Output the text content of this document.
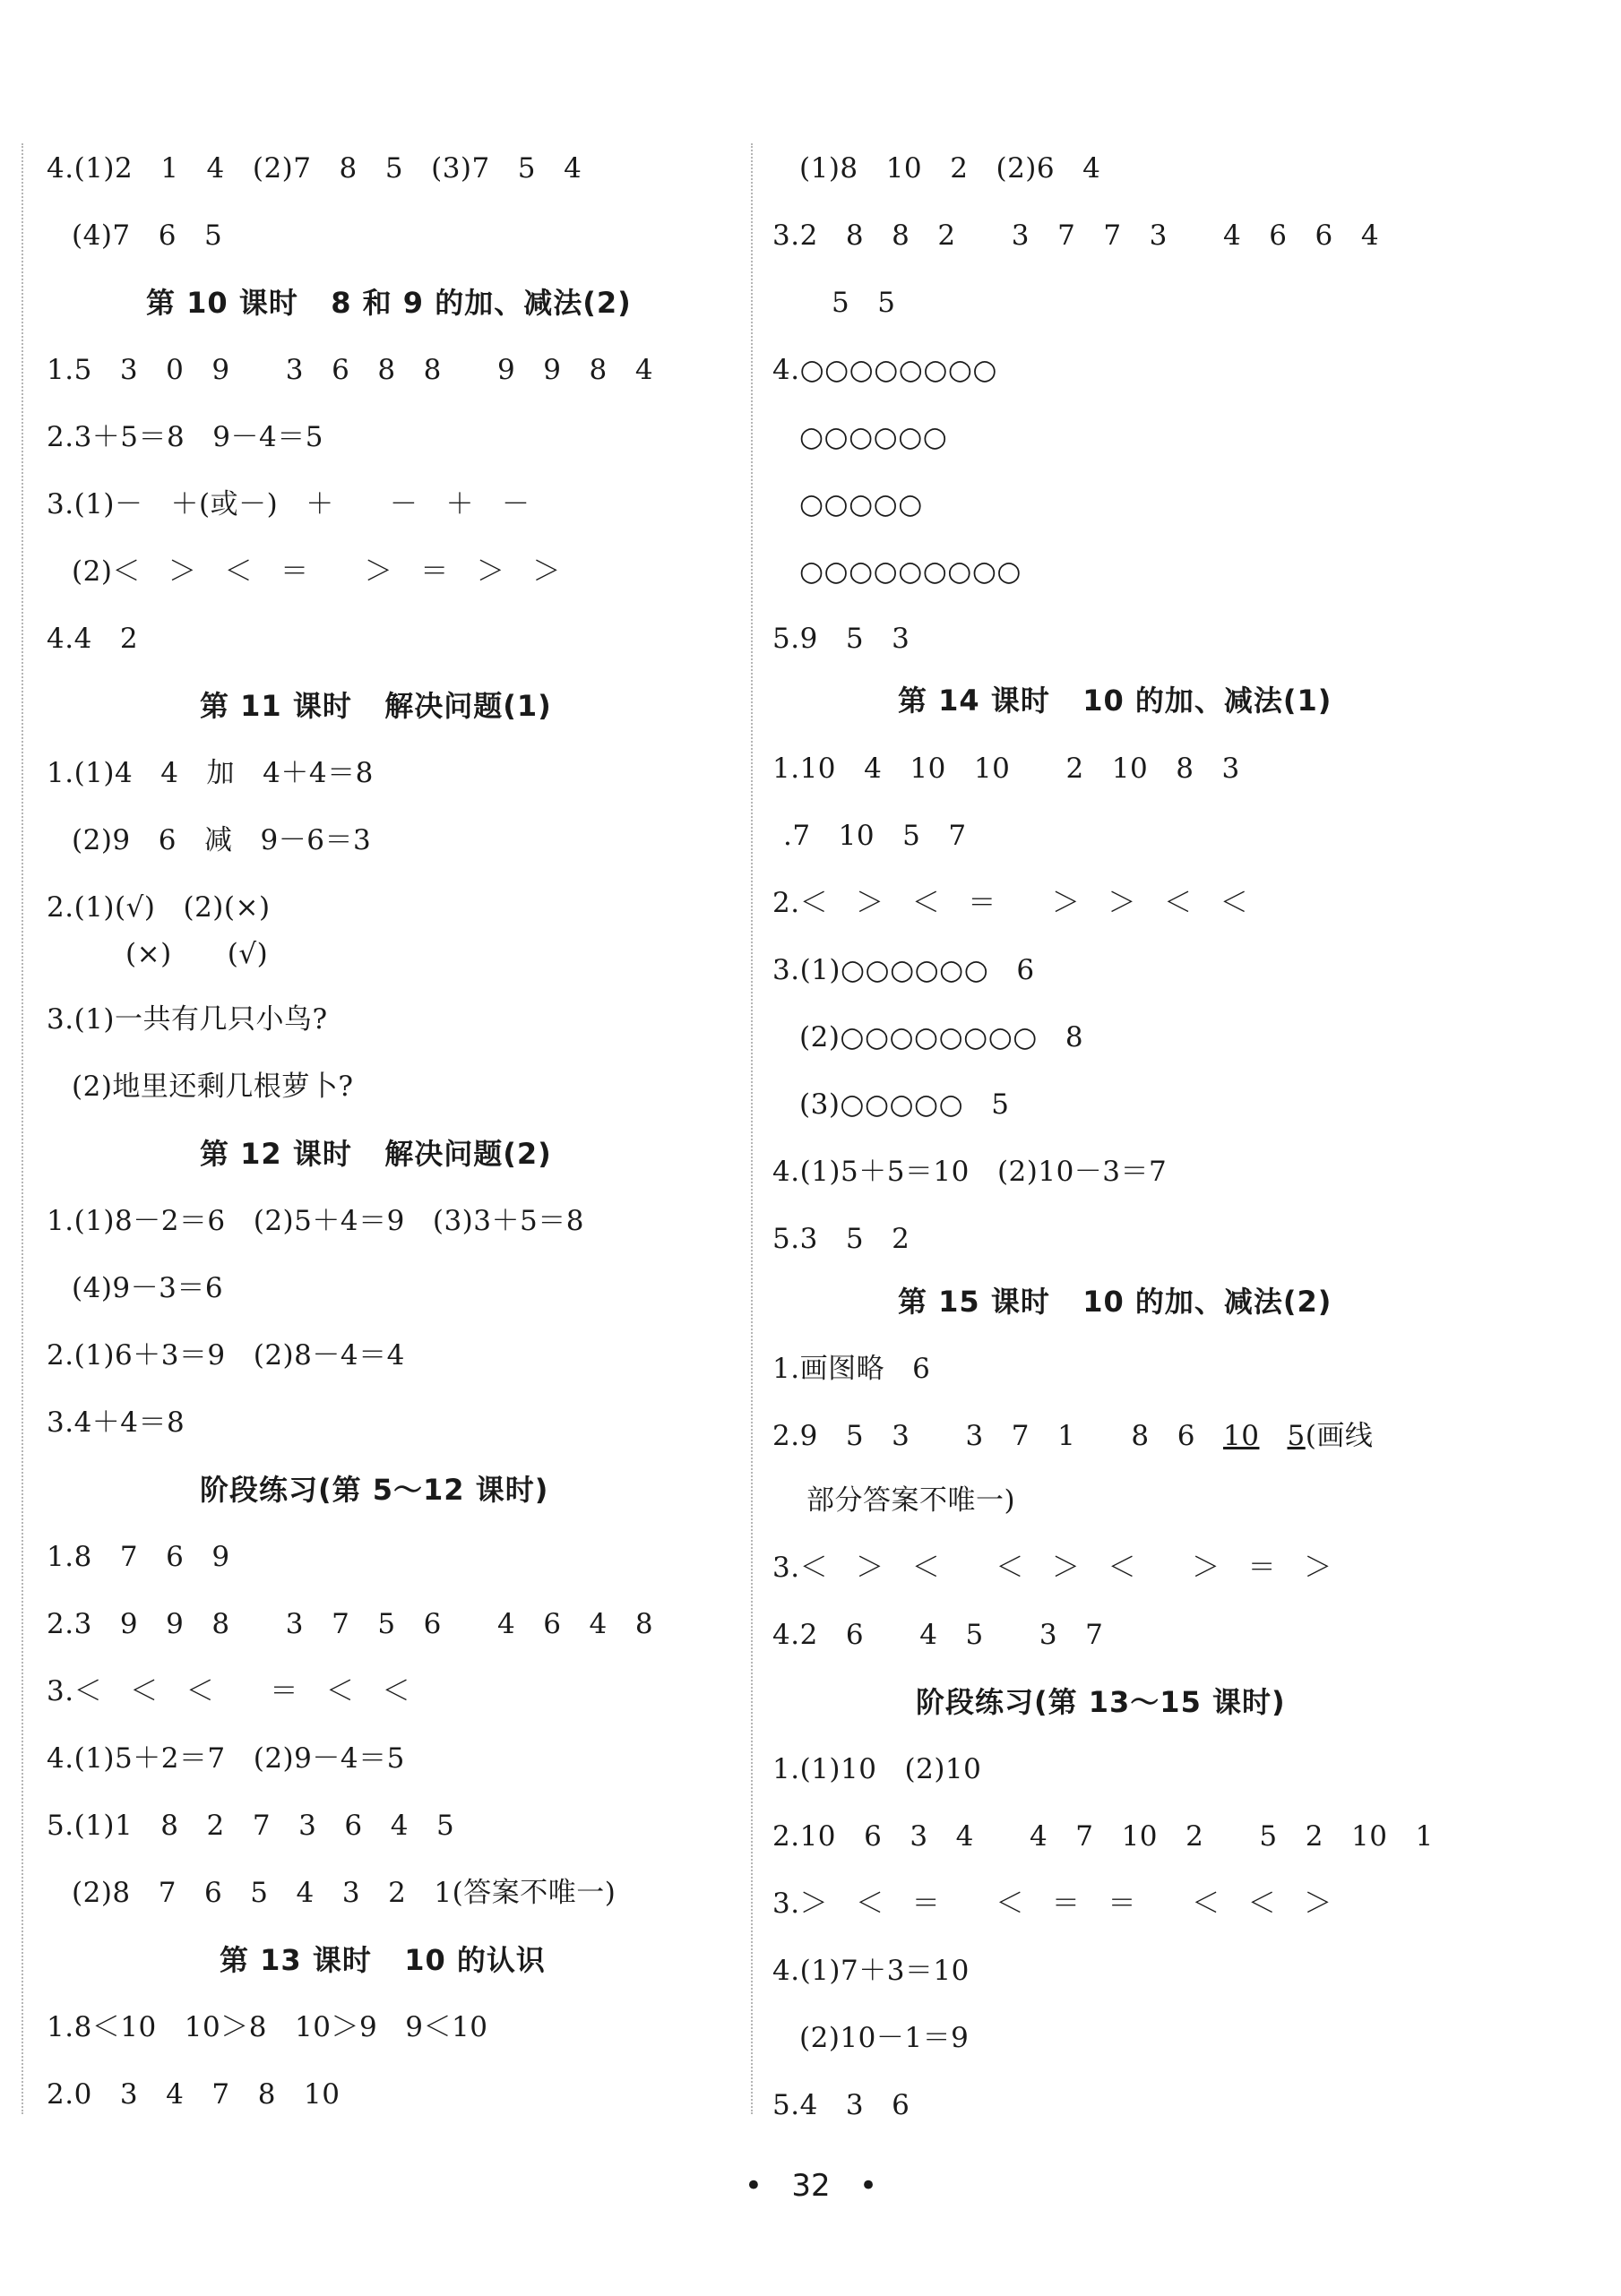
4.(1)2   1   4   (2)7   8   5   (3)7   5   4

(4)7   6   5

第 10 课时   8 和 9 的加、减法(2)

1.5   3   0   9      3   6   8   8      9   9   8   4

2.3＋5＝8   9－4＝5

3.(1)－   ＋(或－)   ＋      －   ＋   －

(2)＜   ＞   ＜   ＝      ＞   ＝   ＞   ＞

4.4   2

第 11 课时   解决问题(1)

1.(1)4   4   加   4＋4＝8

(2)9   6   减   9－6＝3

2.(1)(√)   (2)(×)

(×)      (√)

3.(1)一共有几只小鸟?

(2)地里还剩几根萝卜?

第 12 课时   解决问题(2)

1.(1)8－2＝6   (2)5＋4＝9   (3)3＋5＝8

(4)9－3＝6

2.(1)6＋3＝9   (2)8－4＝4

3.4＋4＝8

阶段练习(第 5～12 课时)

1.8   7   6   9

2.3   9   9   8      3   7   5   6      4   6   4   8

3.＜   ＜   ＜      ＝   ＜   ＜

4.(1)5＋2＝7   (2)9－4＝5

5.(1)1   8   2   7   3   6   4   5

(2)8   7   6   5   4   3   2   1(答案不唯一)

第 13 课时   10 的认识

1.8＜10   10＞8   10＞9   9＜10

2.0   3   4   7   8   10

(1)8   10   2   (2)6   4

3.2   8   8   2      3   7   7   3      4   6   6   4

5   5

4.○○○○○○○○

○○○○○○

○○○○○

○○○○○○○○○

5.9   5   3

第 14 课时   10 的加、减法(1)

1.10   4   10   10      2   10   8   3

.7   10   5   7

2.＜   ＞   ＜   ＝      ＞   ＞   ＜   ＜

3.(1)○○○○○○   6

(2)○○○○○○○○   8

(3)○○○○○   5

4.(1)5＋5＝10   (2)10－3＝7

5.3   5   2

第 15 课时   10 的加、减法(2)

1.画图略   6

2.9   5   3      3   7   1      8   6   10 5(画线

部分答案不唯一)

3.＜   ＞   ＜      ＜   ＞   ＜      ＞   ＝   ＞

4.2   6      4   5      3   7

阶段练习(第 13～15 课时)

1.(1)10   (2)10

2.10   6   3   4      4   7   10   2      5   2   10   1

3.＞   ＜   ＝      ＜   ＝   ＝      ＜   ＜   ＞

4.(1)7＋3＝10

(2)10－1＝9

5.4   3   6

•   32   •
